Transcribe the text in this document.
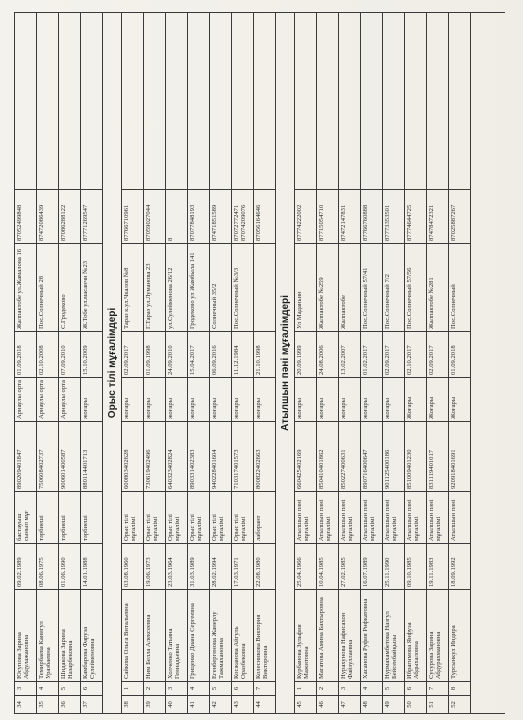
34
3
Юсупова Зарина Абдулажановна
09.02.1989
бастауыш сынып мұғ
890209401847
Арнаулы орта
01.09.2018
Жалпактобе ул.Жамалова 16
87052499848
35
4
Темирбаева Канигул Уразбаевна
08.06.1975
тәрбиеші
750608402737
Арнаулы орта
02.10.2008
Пос.Солнечный 28
87472086439
36
5
Шидакова Зарина Назарбековна
01.06.1990
тәрбиеші
900601400587
Арнаулы орта
07.09.2010
С.Гродеково
87086288122
37
6
Камбарова Фаруза Сулейменовна
14.01.1988
тәрбиеші
880114401713
жоғары
15.10.2009
Ж.Тобе ул.масанчи №23
87771269547
Орыс тілі мұғалімдері
38
1
Сайкова Ольга Витальевна
03.08.1960
Орыс тілі мұғалімі
600803402628
жоғары
02.09.2017
Тараз к.ул.Чкалов №8
87766710961
39
2
Ним Белла Алексеевна
19.06.1973
Орыс тілі мұғалімі
730619402496
жоғары
01.09.1998
Г.Тараз ул.Луманова 23
87059027044
40
3
Холченко Татьяна Геннадьевна
23.03.1964
Орыс тілі мұғалімі
640323402824
жоғары
24.09.2010
ул.Сулейменова 26/12
8
41
4
Гриценко Диана Сергеевна
31.03.1989
Орыс тілі мұғалімі
890331402383
жоғары
15.04.2017
Гродеково ул Жамбыла 141
87077848193
42
5
Егенбергенова Жанерлу Тажмахановна
28.02.1994
Орыс тілі мұғалімі
940228401604
жоғары
06.09.2016
Солнечный 35/2
87471851589
43
6
Косжанова Айгуль Оразбековна
17.03.1971
Орыс тілі мұғалімі
710317401573
жоғары
11.12.1984
Пос.Солнечный №3/3
87072772471 87074209076
44
7
Колесникова Виктория Викторовна
22.08.1980
лаборант
800822402663
жоғары
21.10.1998
87056164646
Атылшын пәні мұғалімдері
45
1
Курбанова Зульфия Мажитовна
25.04.1966
Атылшын пәні мұғалімі
660425402169
жоғары
20.09.1999
Ул Маданьин
87774222002
46
2
Магатова Амина Бахтыровна
10.04.1985
Атылшын пәні мұғалімі
850410401862
жоғары
24.08.2006
Жалпактобе №259
87715054710
47
3
Нурахунова Нафисахон Файзуллаевна
27.02.1985
Атылшын пәні мұғалімі
850227400631
жоғары
13.02.2007
Жалпактобе
87472147831
48
4
Хасанова Руфия Рифкатовна
16.07.1989
Атылшын пәні мұғалімі
890716400647
жоғары
01.02.2017
Пос.Солнечный 57/41
87766760888
49
5
Нурмахамбетова Назгул Бейсенбайқызы
25.11.1990
Атылшын пәні мұғалімі
901125400186
жоғары
02.09.2017
Пос.Солнечный 7/2
87773353501
50
6
Ибрагимова Янфуза Абдыхаловна
09.10.1985
Атылшын пәні мұғалімі
851009401230
Жоғары
02.10.2017
Пос.Солнечный 57/56
87774644725
51
7
Сусурова Зарина Абдурахмановна
19.11.1983
Атылшын пәні мұғалімі
831119401017
Жоғары
02.09.2017
Жалпактобе №281
87478472321
52
8
Турсынкул Индира
18.09.1992
Атылшын пәні
920918401691
Жоғары
01.09.2018
Пос.Солнечный
87025887267
